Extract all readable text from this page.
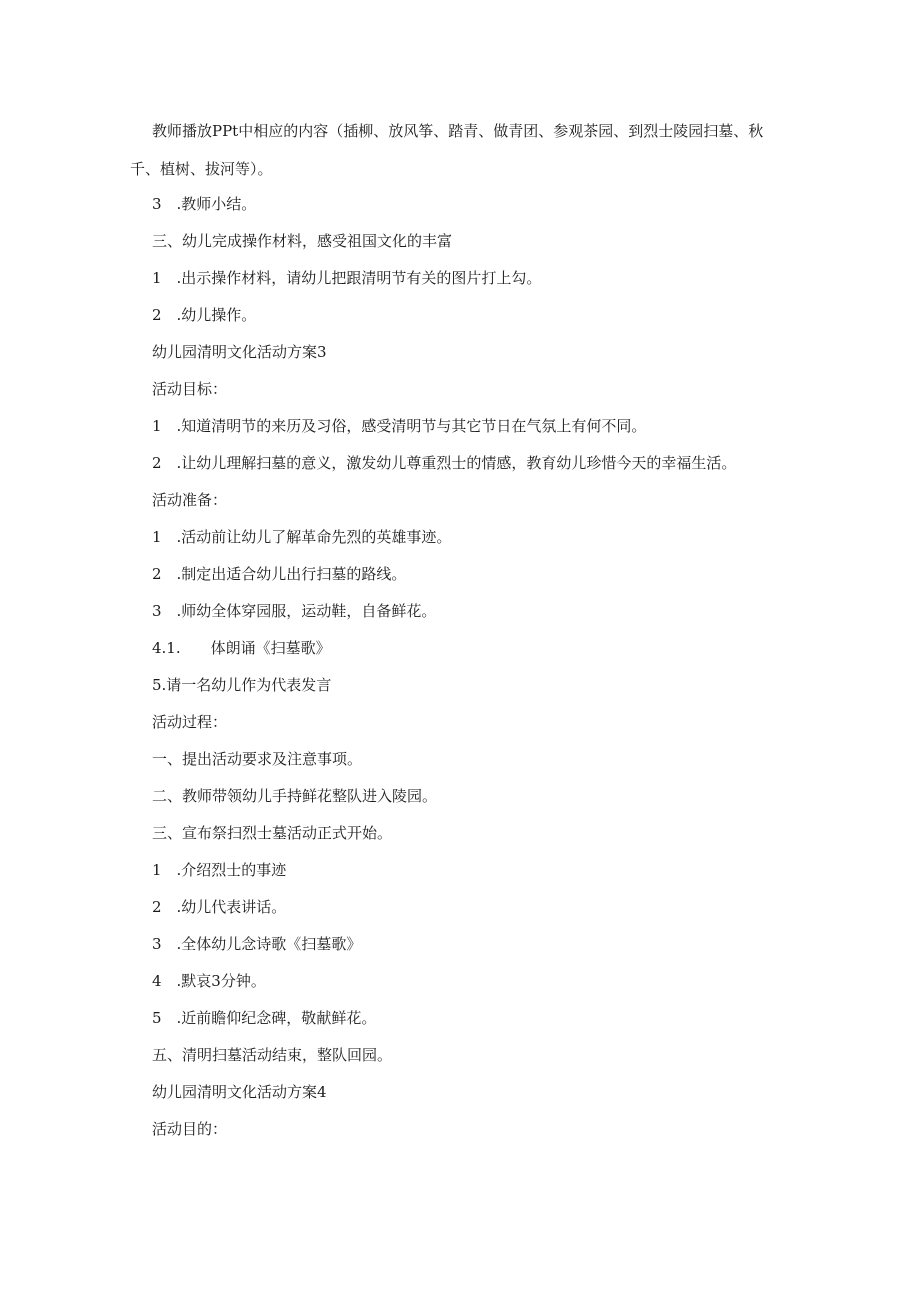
教师播放PPt中相应的内容（插柳、放风筝、踏青、做青团、参观茶园、到烈士陵园扫墓、秋千、植树、拔河等）。
3　.教师小结。
三、幼儿完成操作材料，感受祖国文化的丰富
1　.出示操作材料，请幼儿把跟清明节有关的图片打上勾。
2　.幼儿操作。
幼儿园清明文化活动方案3
活动目标：
1　.知道清明节的来历及习俗，感受清明节与其它节日在气氛上有何不同。
2　.让幼儿理解扫墓的意义，激发幼儿尊重烈士的情感，教育幼儿珍惜今天的幸福生活。
活动准备：
1　.活动前让幼儿了解革命先烈的英雄事迹。
2　.制定出适合幼儿出行扫墓的路线。
3　.师幼全体穿园服，运动鞋，自备鲜花。
4.1.　　体朗诵《扫墓歌》
5.请一名幼儿作为代表发言
活动过程：
一、提出活动要求及注意事项。
二、教师带领幼儿手持鲜花整队进入陵园。
三、宣布祭扫烈士墓活动正式开始。
1　.介绍烈士的事迹
2　.幼儿代表讲话。
3　.全体幼儿念诗歌《扫墓歌》
4　.默哀3分钟。
5　.近前瞻仰纪念碑，敬献鲜花。
五、清明扫墓活动结束，整队回园。
幼儿园清明文化活动方案4
活动目的：
